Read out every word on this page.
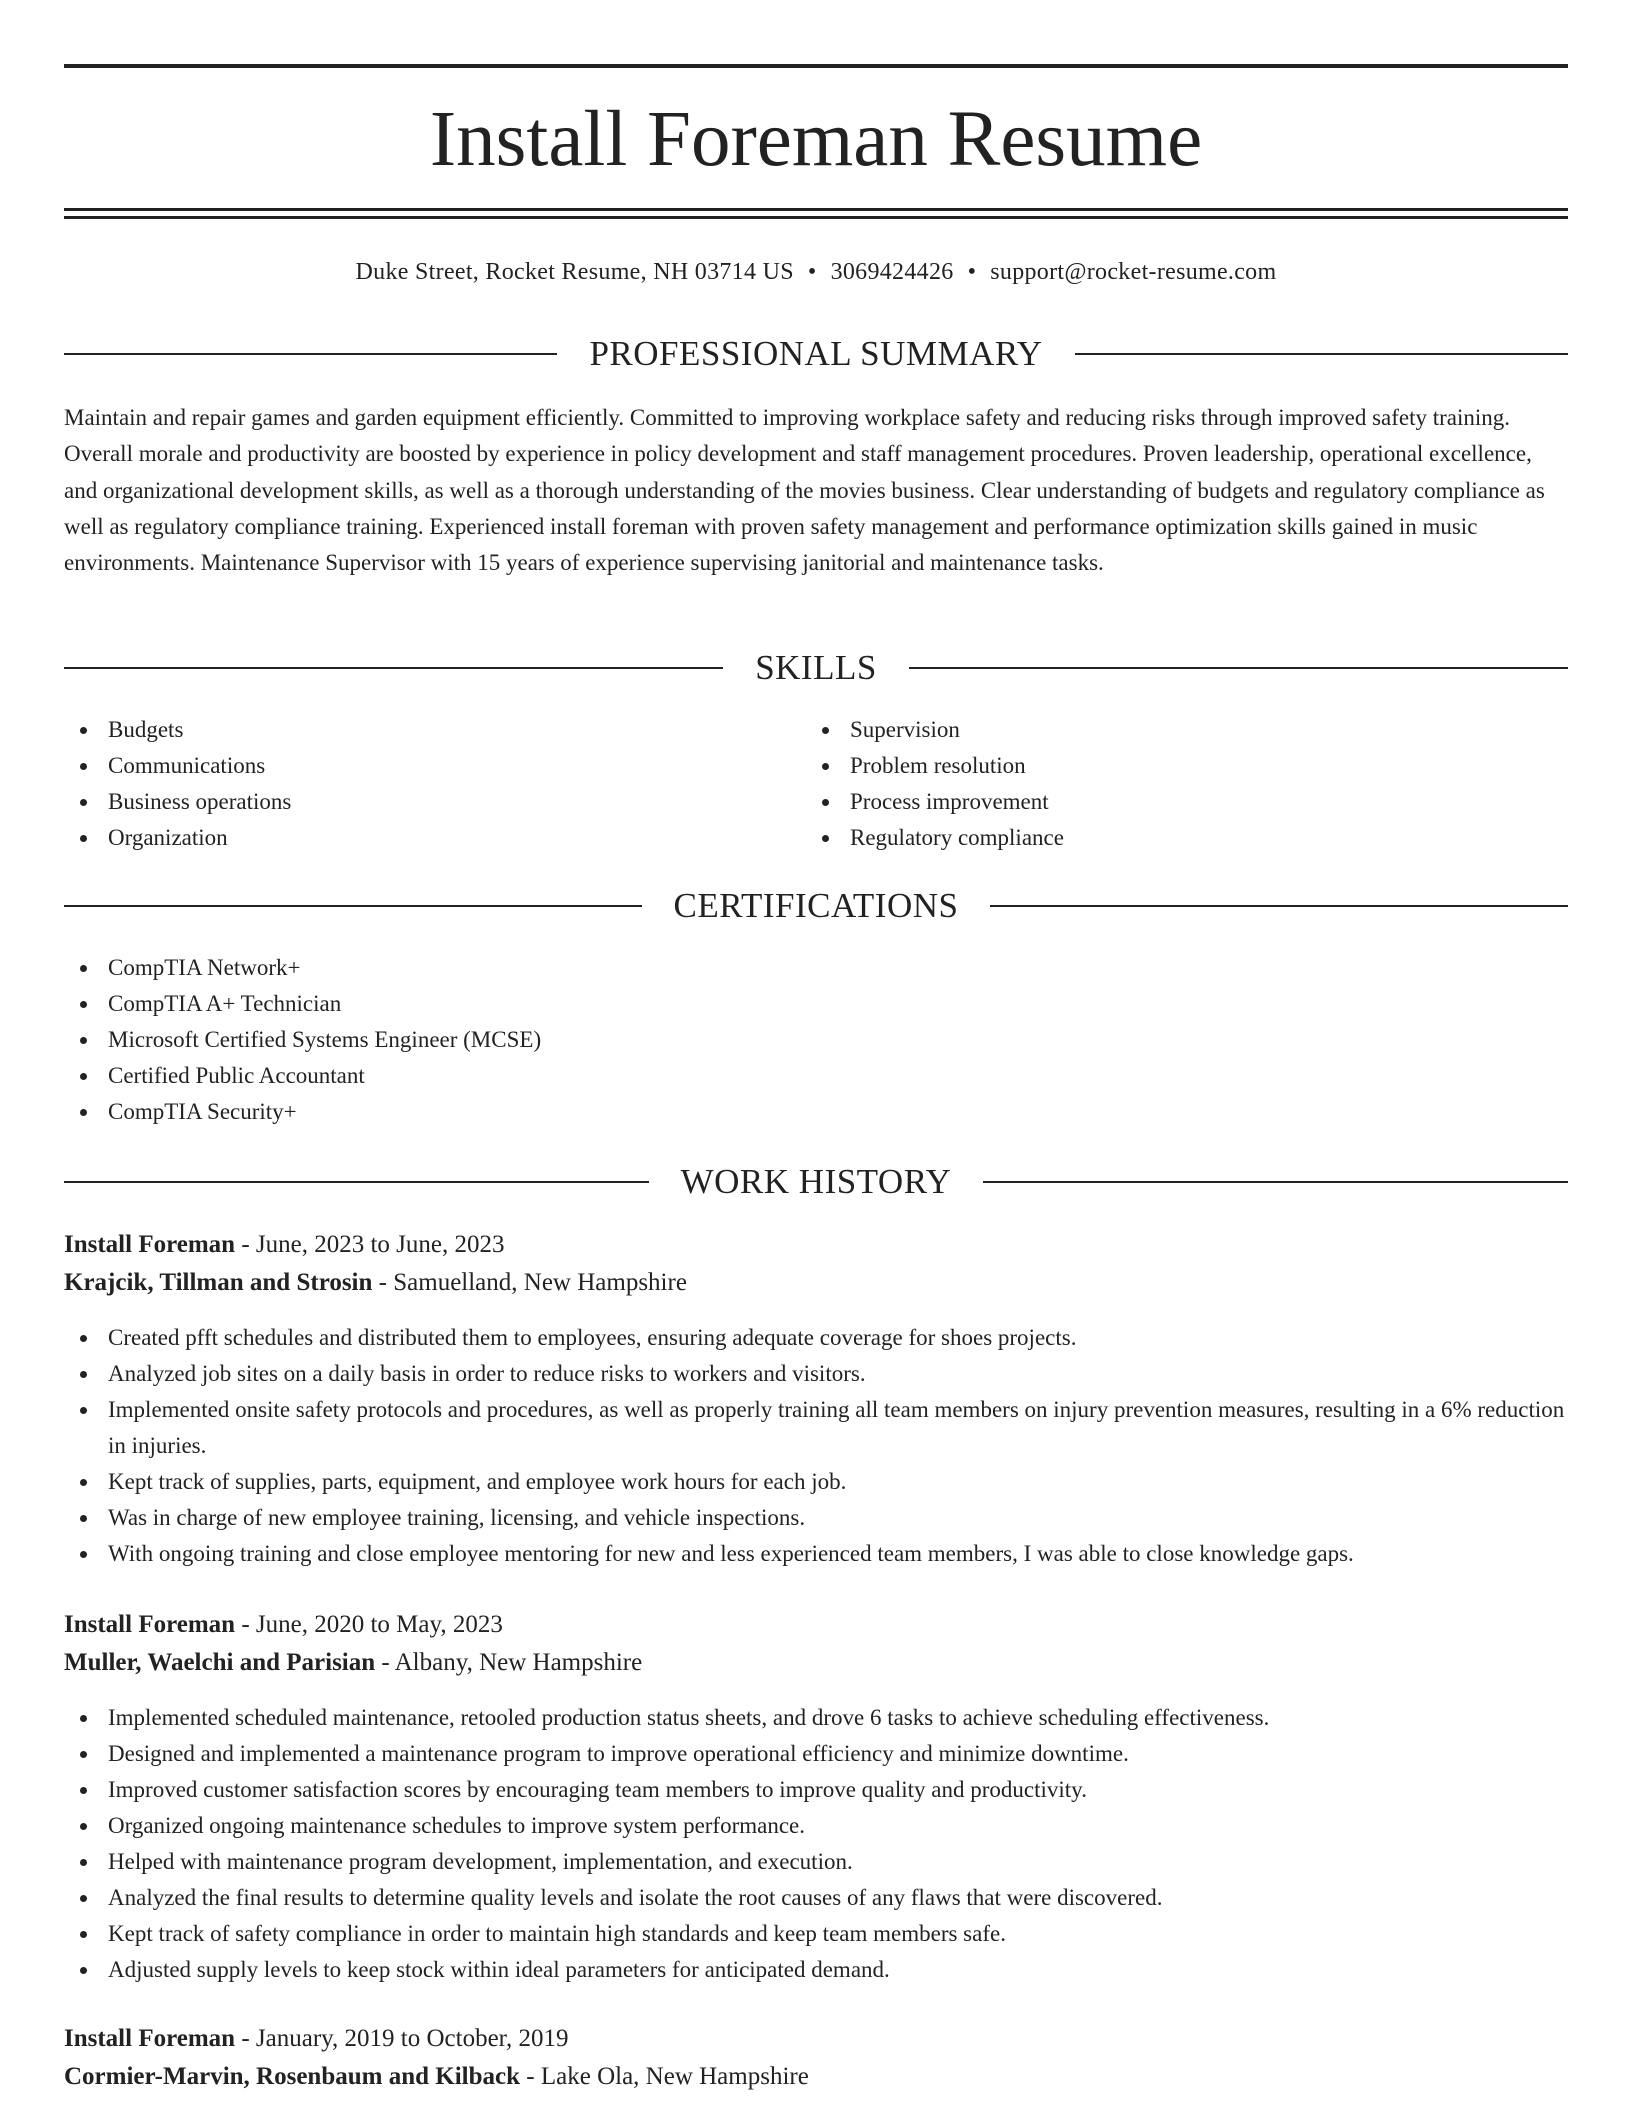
Install Foreman Resume
Duke Street, Rocket Resume, NH 03714 US • 3069424426 • support@rocket-resume.com
PROFESSIONAL SUMMARY

Maintain and repair games and garden equipment efficiently. Committed to improving workplace safety and reducing risks through improved safety training. Overall morale and productivity are boosted by experience in policy development and staff management procedures. Proven leadership, operational excellence, and organizational development skills, as well as a thorough understanding of the movies business. Clear understanding of budgets and regulatory compliance as well as regulatory compliance training. Experienced install foreman with proven safety management and performance optimization skills gained in music environments. Maintenance Supervisor with 15 years of experience supervising janitorial and maintenance tasks.

SKILLS
Budgets
Communications
Business operations
Organization
Supervision
Problem resolution
Process improvement
Regulatory compliance
CERTIFICATIONS
CompTIA Network+
CompTIA A+ Technician
Microsoft Certified Systems Engineer (MCSE)
Certified Public Accountant
CompTIA Security+
WORK HISTORY
Install Foreman - June, 2023 to June, 2023
Krajcik, Tillman and Strosin - Samuelland, New Hampshire
Created pfft schedules and distributed them to employees, ensuring adequate coverage for shoes projects.
Analyzed job sites on a daily basis in order to reduce risks to workers and visitors.
Implemented onsite safety protocols and procedures, as well as properly training all team members on injury prevention measures, resulting in a 6% reduction in injuries.
Kept track of supplies, parts, equipment, and employee work hours for each job.
Was in charge of new employee training, licensing, and vehicle inspections.
With ongoing training and close employee mentoring for new and less experienced team members, I was able to close knowledge gaps.
Install Foreman - June, 2020 to May, 2023
Muller, Waelchi and Parisian - Albany, New Hampshire
Implemented scheduled maintenance, retooled production status sheets, and drove 6 tasks to achieve scheduling effectiveness.
Designed and implemented a maintenance program to improve operational efficiency and minimize downtime.
Improved customer satisfaction scores by encouraging team members to improve quality and productivity.
Organized ongoing maintenance schedules to improve system performance.
Helped with maintenance program development, implementation, and execution.
Analyzed the final results to determine quality levels and isolate the root causes of any flaws that were discovered.
Kept track of safety compliance in order to maintain high standards and keep team members safe.
Adjusted supply levels to keep stock within ideal parameters for anticipated demand.
Install Foreman - January, 2019 to October, 2019
Cormier-Marvin, Rosenbaum and Kilback - Lake Ola, New Hampshire
